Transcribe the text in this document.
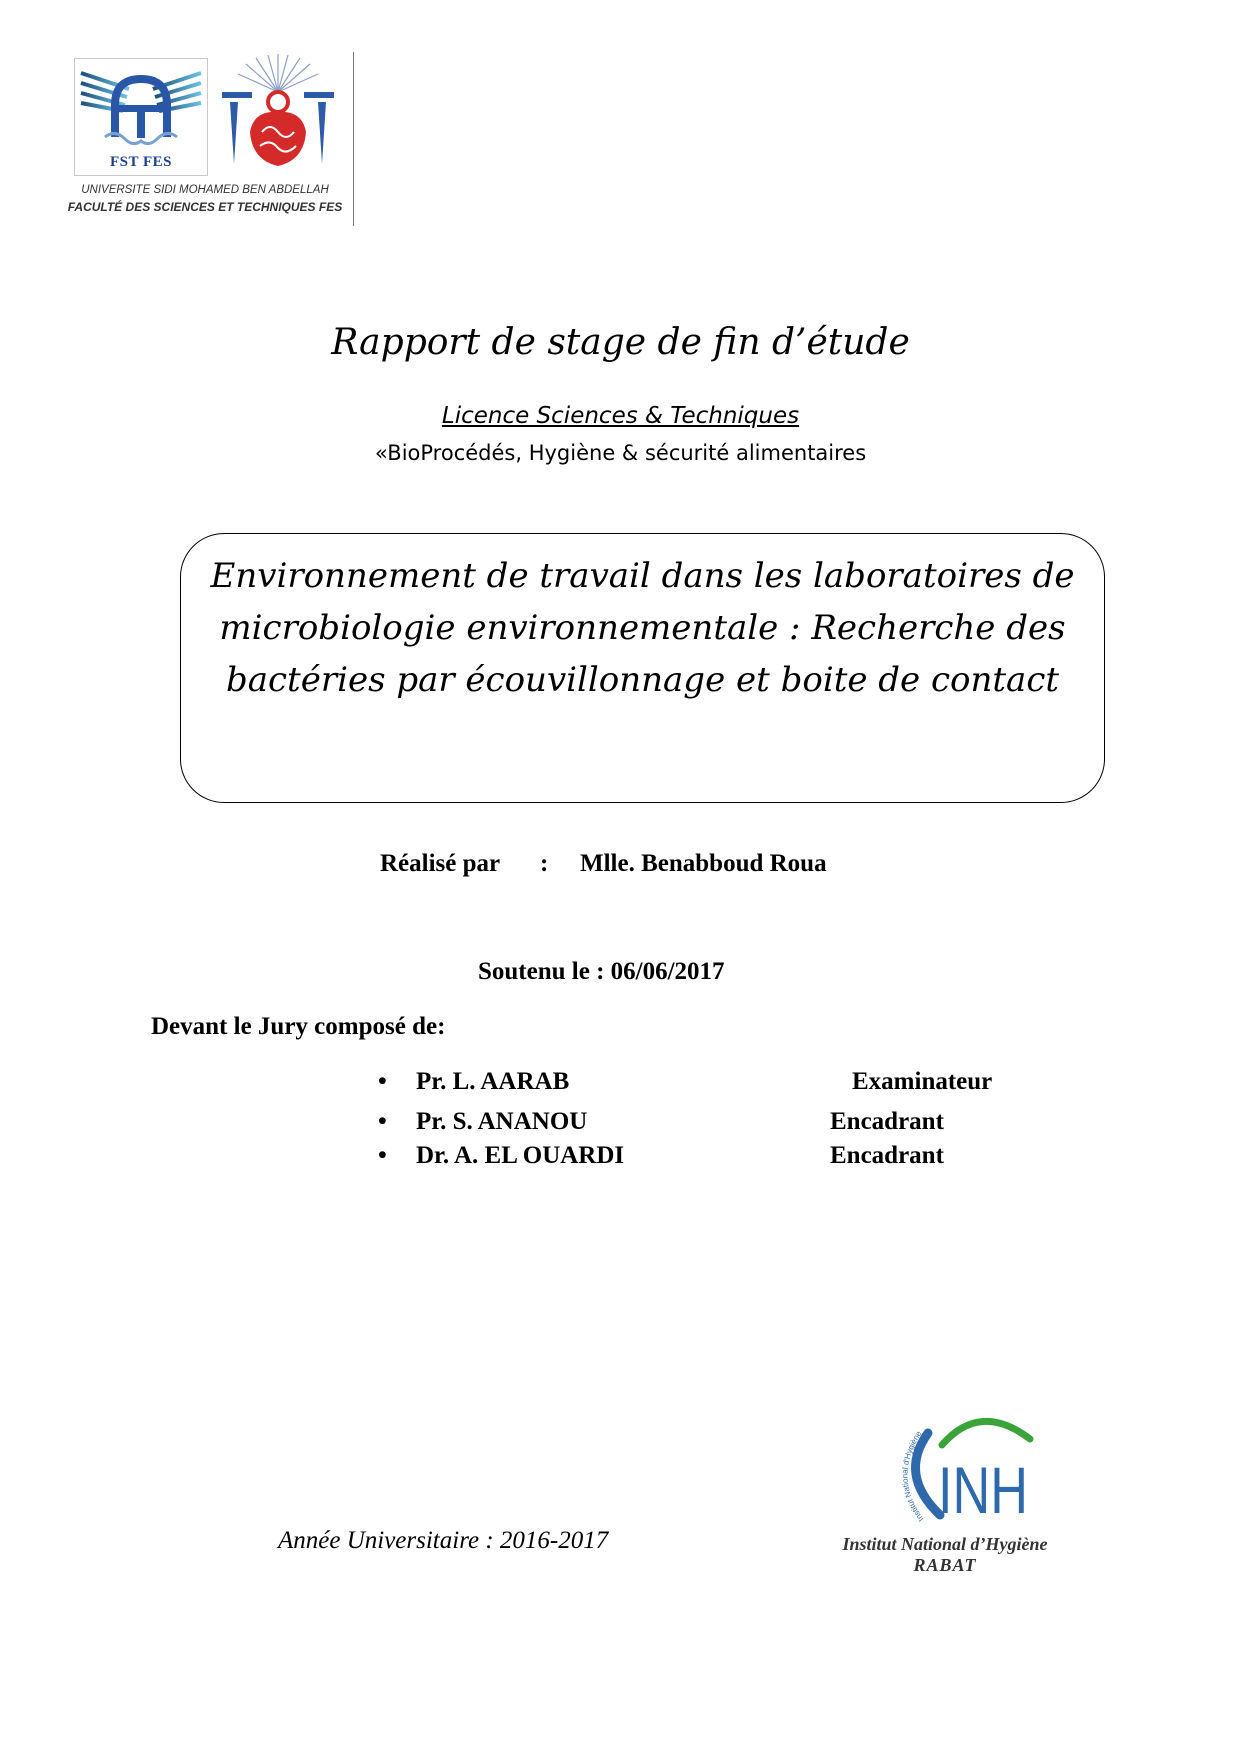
FST FES
UNIVERSITE SIDI MOHAMED BEN ABDELLAH
FACULTÉ DES SCIENCES ET TECHNIQUES FES
Rapport de stage de fin d’étude
Licence Sciences & Techniques
«BioProcédés, Hygiène & sécurité alimentaires
Environnement de travail dans les laboratoires de microbiologie environnementale : Recherche des bactéries par écouvillonnage et boite de contact
Réalisé par : Mlle. Benabboud Roua
Soutenu le : 06/06/2017
Devant le Jury composé de:
• Pr. L. AARAB	Examinateur
• Pr. S. ANANOU	Encadrant
• Dr. A. EL OUARDI	Encadrant
Année Universitaire : 2016-2017
INH
Institut National d'Hygiène
Institut National d’Hygiène
RABAT
